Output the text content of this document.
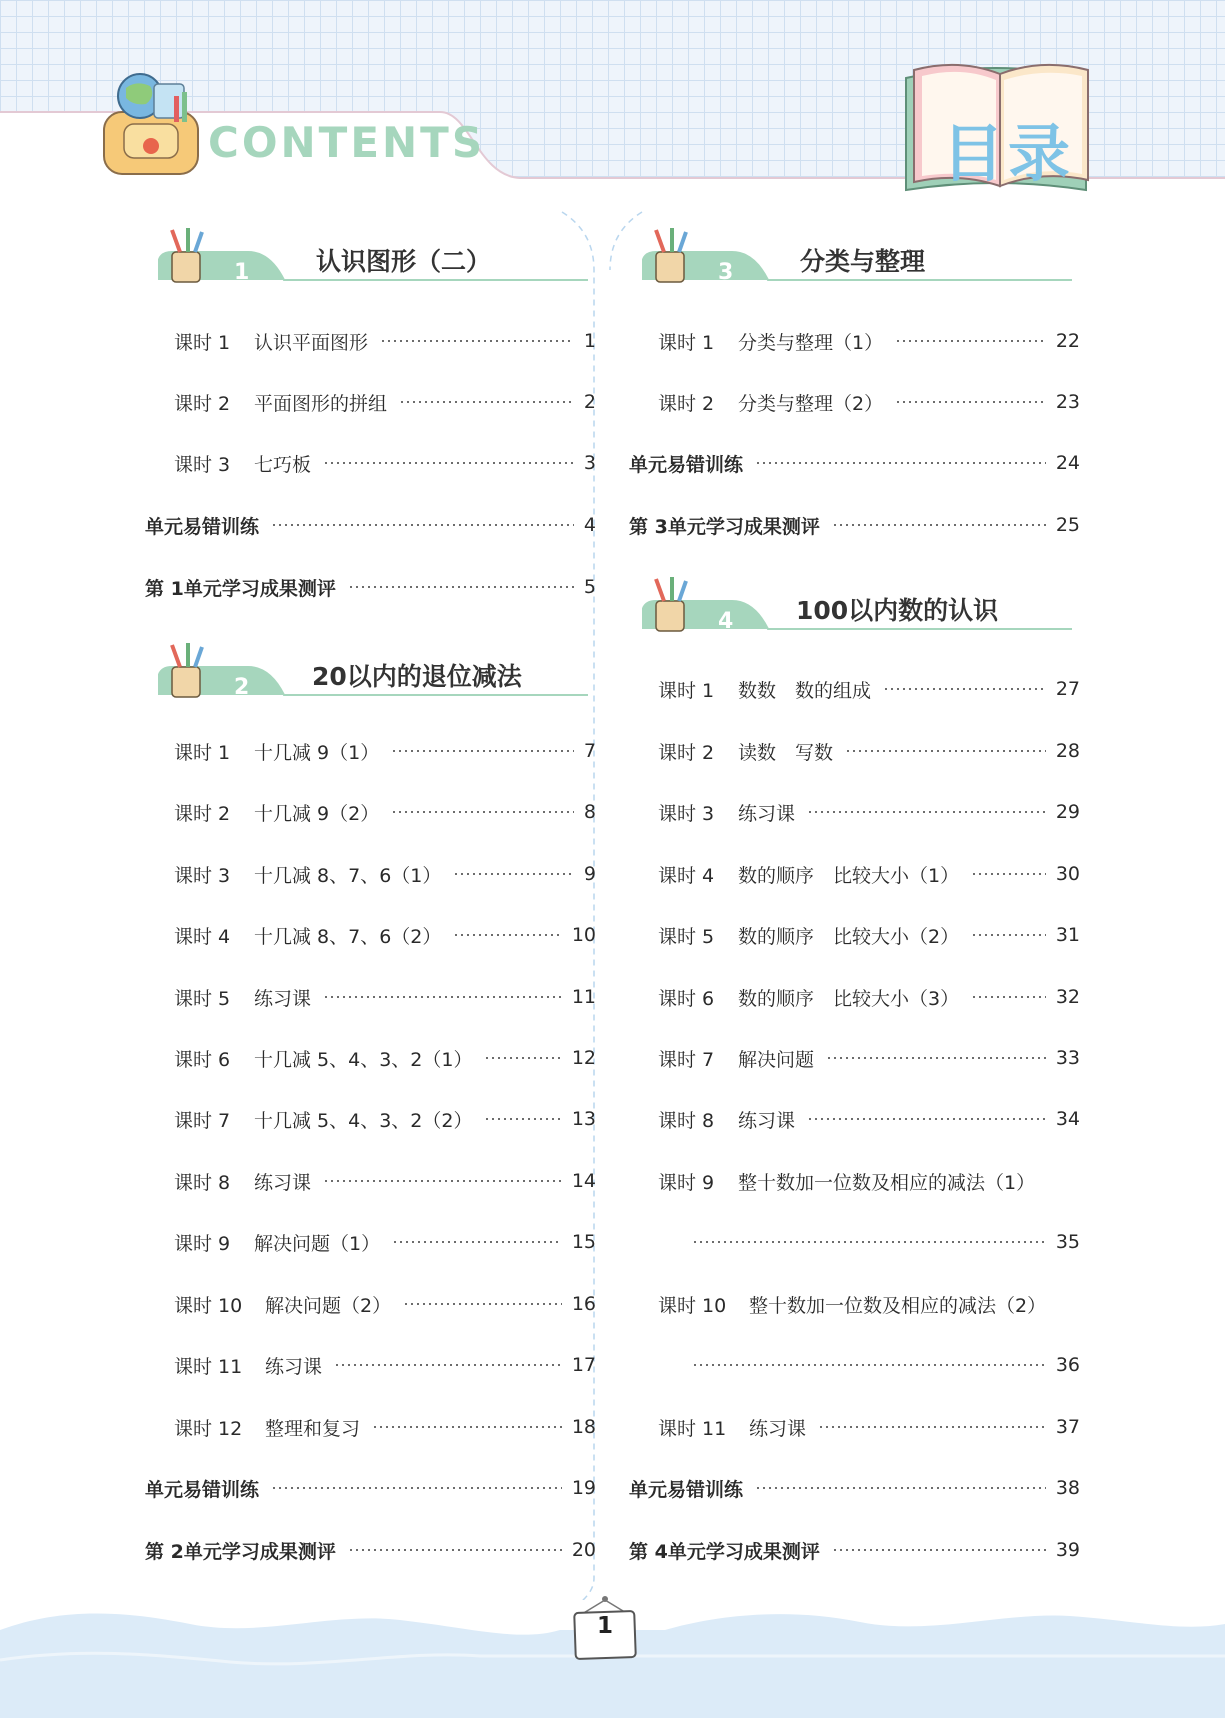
CONTENTS	目录
1	认识图形（二）
2	20以内的退位减法
3	分类与整理
4	100以内数的认识
课时 1	认识平面图形	1
课时 2	平面图形的拼组	2
课时 3	七巧板	3
单元易错训练	4
第 1单元学习成果测评	5
课时 1	十几减 9（1）	7
课时 2	十几减 9（2）	8
课时 3	十几减 8、7、6（1）	9
课时 4	十几减 8、7、6（2）	10
课时 5	练习课	11
课时 6	十几减 5、4、3、2（1）	12
课时 7	十几减 5、4、3、2（2）	13
课时 8	练习课	14
课时 9	解决问题（1）	15
课时 10	解决问题（2）	16
课时 11	练习课	17
课时 12	整理和复习	18
单元易错训练	19
第 2单元学习成果测评	20
课时 1	分类与整理（1）	22
课时 2	分类与整理（2）	23
单元易错训练	24
第 3单元学习成果测评	25
课时 1	数数　数的组成	27
课时 2	读数　写数	28
课时 3	练习课	29
课时 4	数的顺序　比较大小（1）	30
课时 5	数的顺序　比较大小（2）	31
课时 6	数的顺序　比较大小（3）	32
课时 7	解决问题	33
课时 8	练习课	34
课时 9	整十数加一位数及相应的减法（1）
35
课时 10	整十数加一位数及相应的减法（2）
36
课时 11	练习课	37
单元易错训练	38
第 4单元学习成果测评	39
1
